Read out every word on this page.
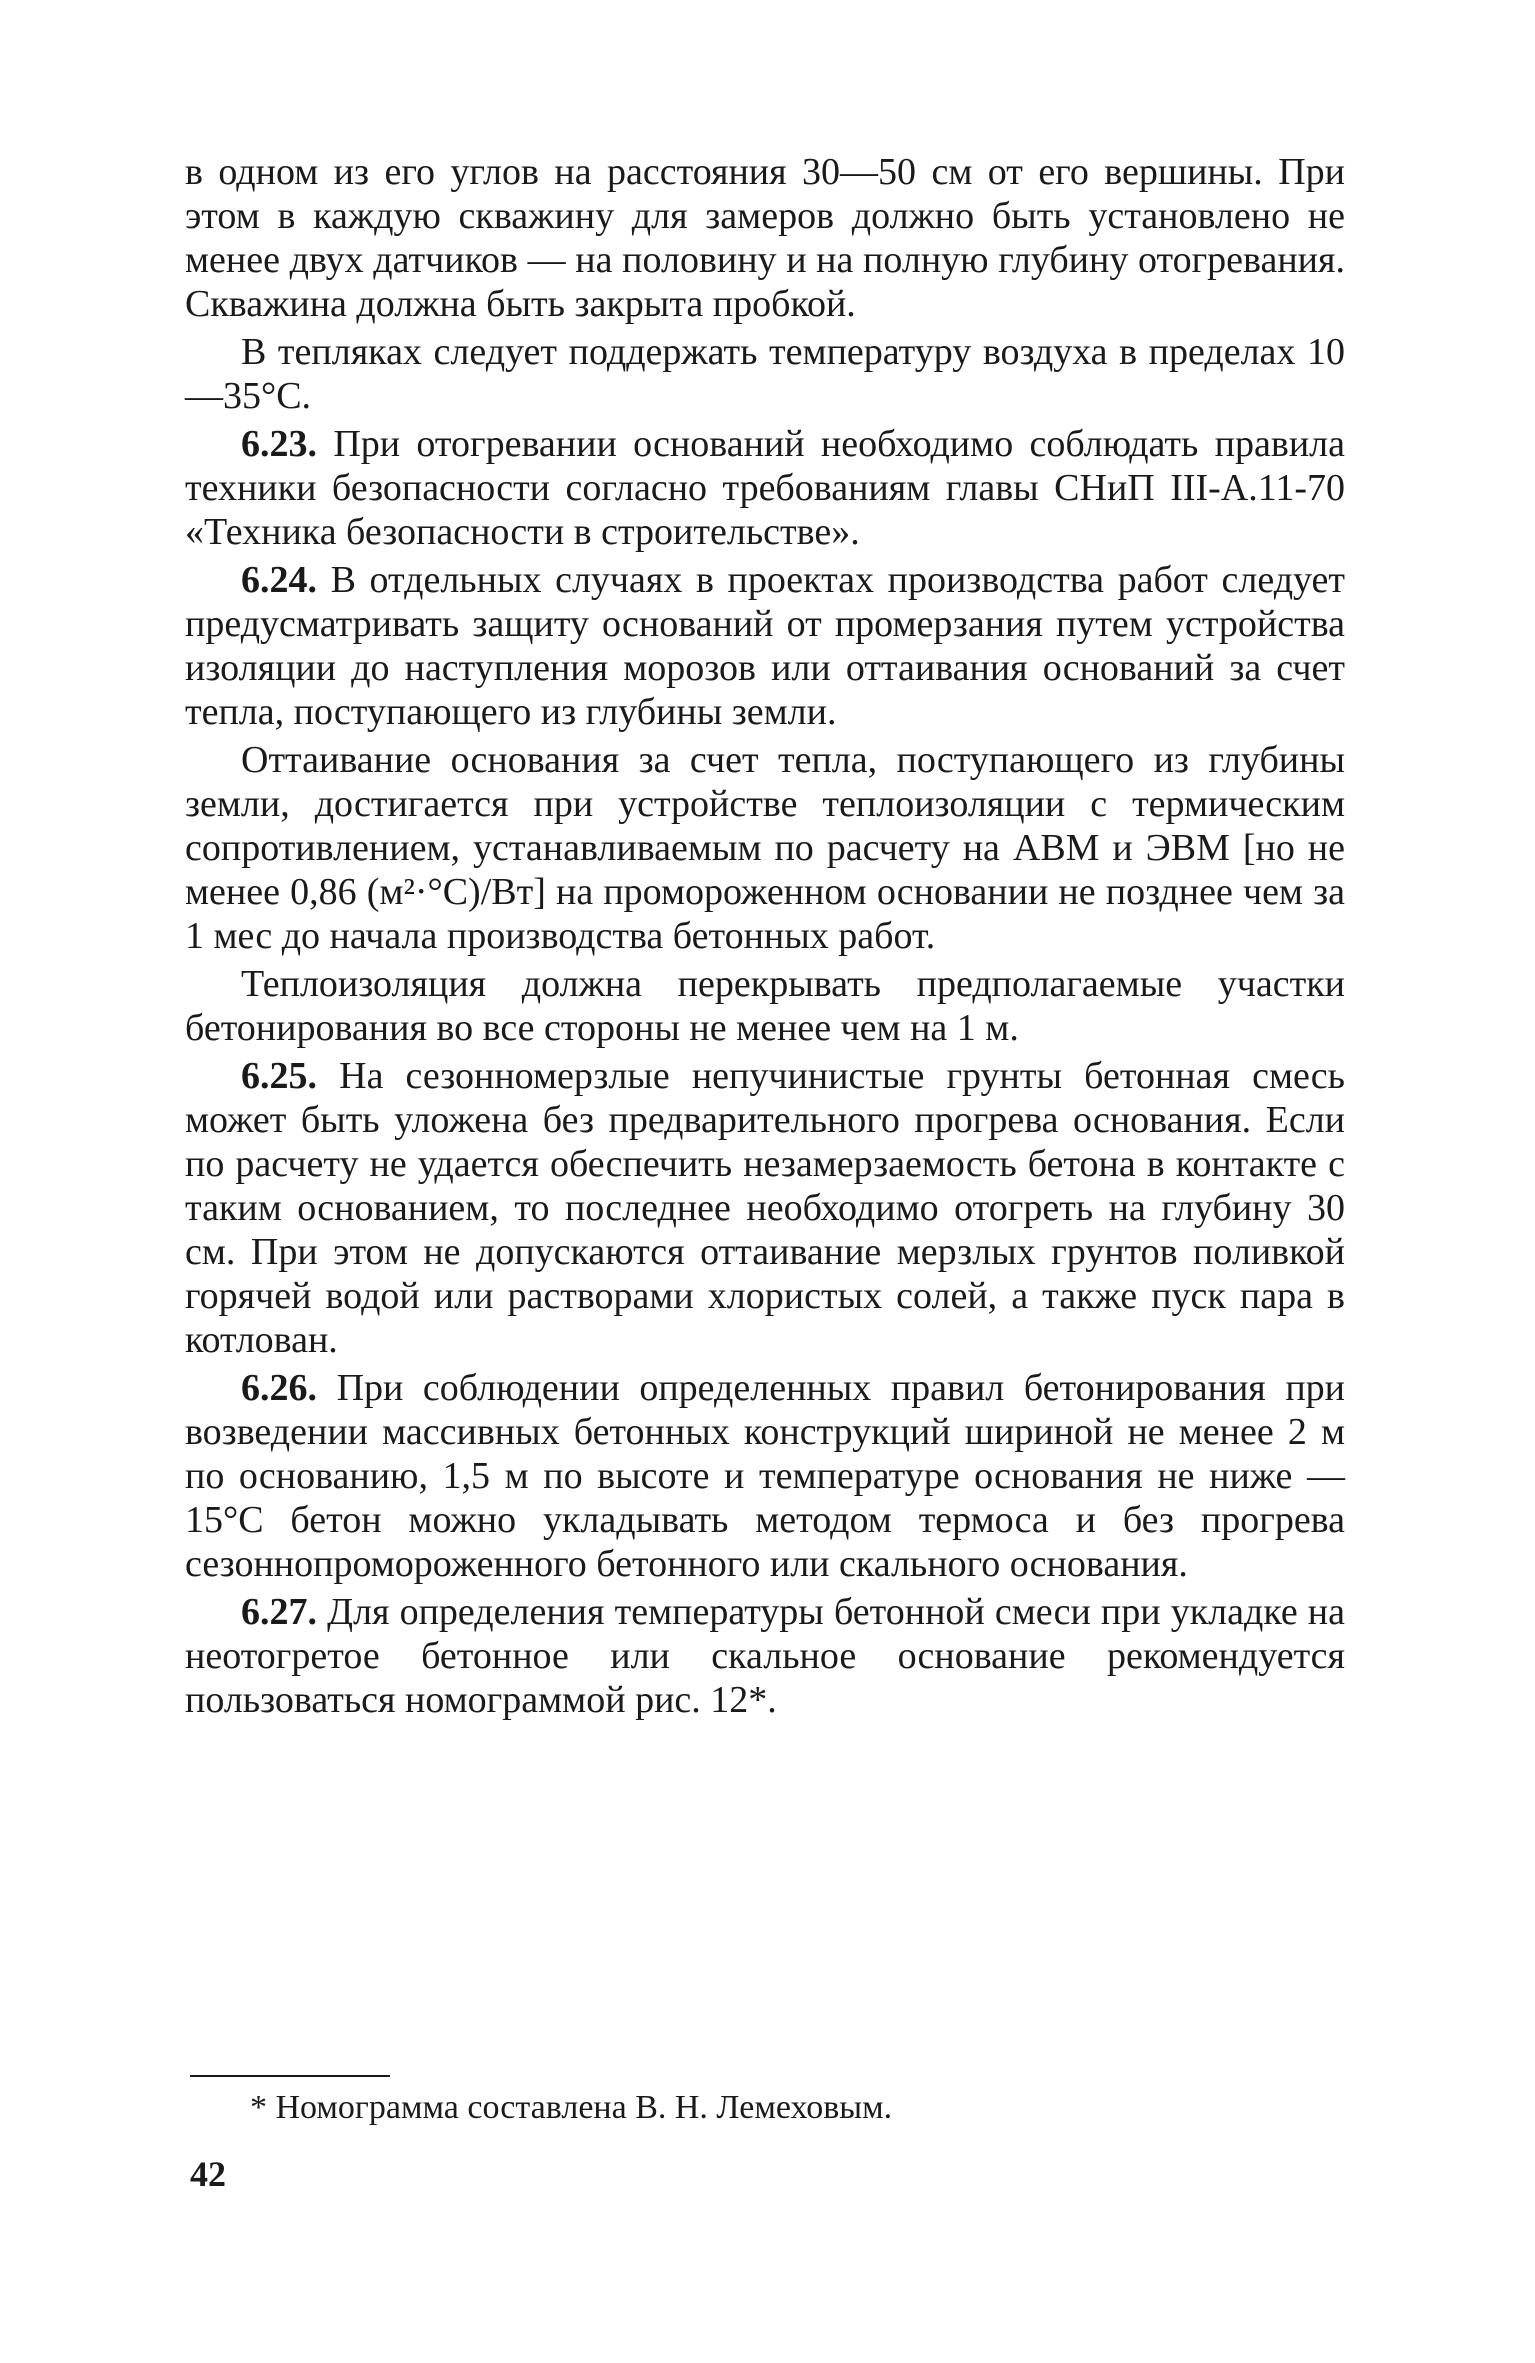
в одном из его углов на расстояния 30—50 см от его вершины. При этом в каждую скважину для замеров должно быть установлено не менее двух датчиков — на половину и на полную глубину отогревания. Скважина должна быть закрыта пробкой.

В тепляках следует поддержать температуру воздуха в пределах 10—35°С.

6.23. При отогревании оснований необходимо соблюдать правила техники безопасности согласно требованиям главы СНиП III-А.11-70 «Техника безопасности в строительстве».

6.24. В отдельных случаях в проектах производства работ следует предусматривать защиту оснований от промерзания путем устройства изоляции до наступления морозов или оттаивания оснований за счет тепла, поступающего из глубины земли.

Оттаивание основания за счет тепла, поступающего из глубины земли, достигается при устройстве теплоизоляции с термическим сопротивлением, устанавливаемым по расчету на АВМ и ЭВМ [но не менее 0,86 (м²·°С)/Вт] на промороженном основании не позднее чем за 1 мес до начала производства бетонных работ.

Теплоизоляция должна перекрывать предполагаемые участки бетонирования во все стороны не менее чем на 1 м.

6.25. На сезонномерзлые непучинистые грунты бетонная смесь может быть уложена без предварительного прогрева основания. Если по расчету не удается обеспечить незамерзаемость бетона в контакте с таким основанием, то последнее необходимо отогреть на глубину 30 см. При этом не допускаются оттаивание мерзлых грунтов поливкой горячей водой или растворами хлористых солей, а также пуск пара в котлован.

6.26. При соблюдении определенных правил бетонирования при возведении массивных бетонных конструкций шириной не менее 2 м по основанию, 1,5 м по высоте и температуре основания не ниже —15°С бетон можно укладывать методом термоса и без прогрева сезоннопромороженного бетонного или скального основания.

6.27. Для определения температуры бетонной смеси при укладке на неотогретое бетонное или скальное основание рекомендуется пользоваться номограммой рис. 12*.

* Номограмма составлена В. Н. Лемеховым.
42
